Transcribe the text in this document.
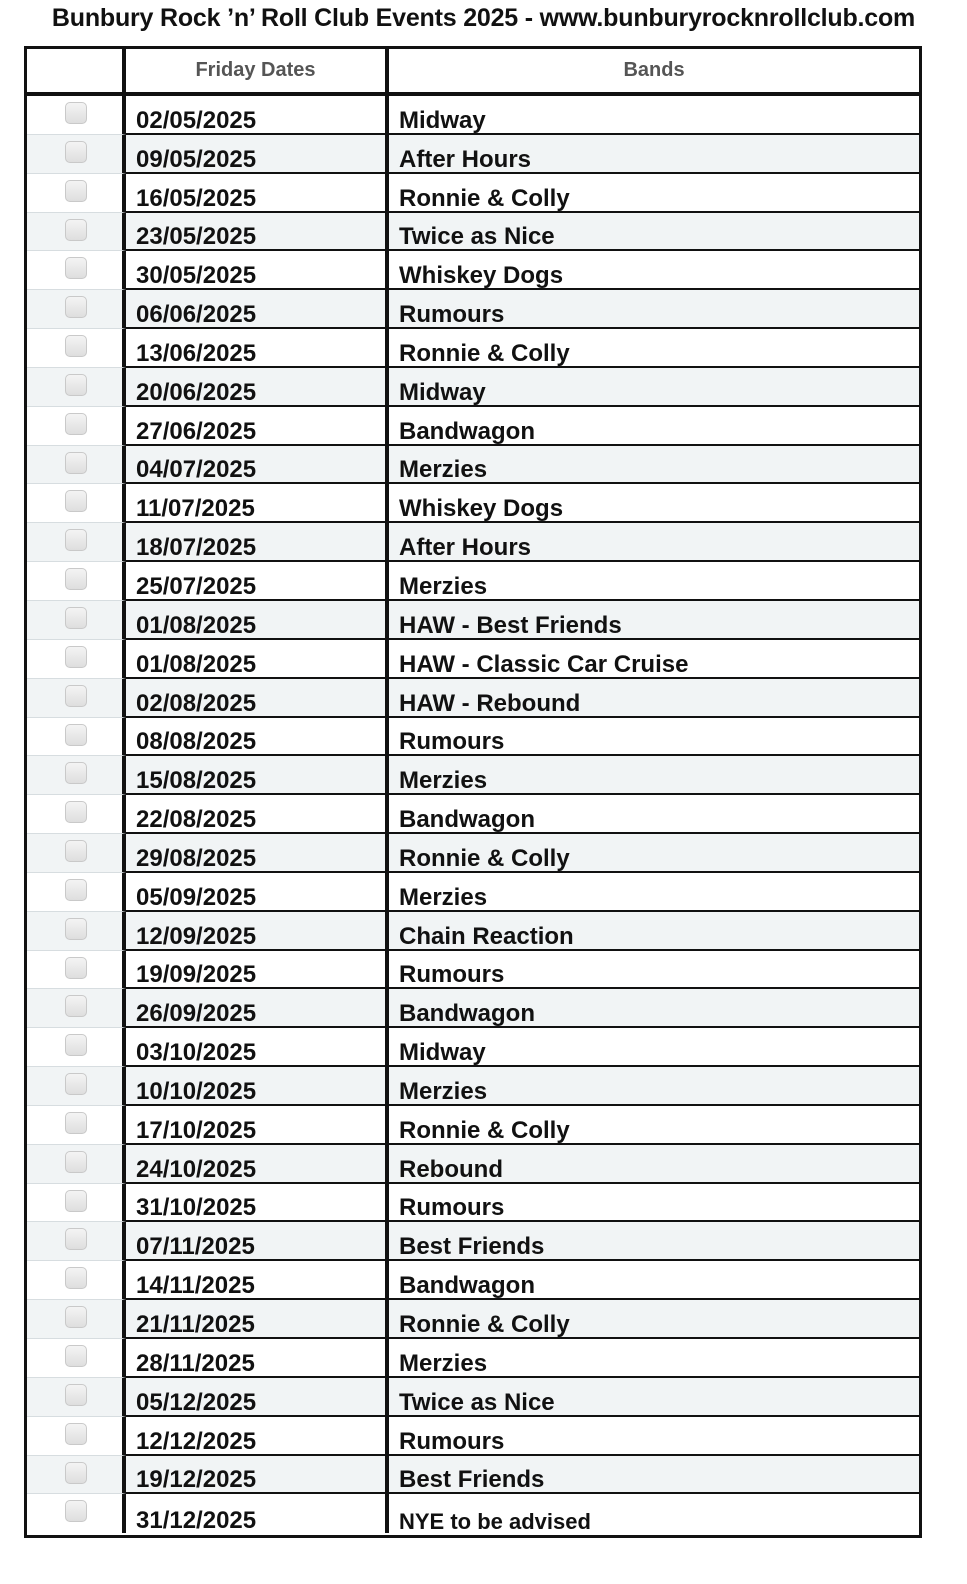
Bunbury Rock ’n’ Roll Club Events 2025 - www.bunburyrocknrollclub.com
Friday Dates	Bands
02/05/2025	Midway
09/05/2025	After Hours
16/05/2025	Ronnie & Colly
23/05/2025	Twice as Nice
30/05/2025	Whiskey Dogs
06/06/2025	Rumours
13/06/2025	Ronnie & Colly
20/06/2025	Midway
27/06/2025	Bandwagon
04/07/2025	Merzies
11/07/2025	Whiskey Dogs
18/07/2025	After Hours
25/07/2025	Merzies
01/08/2025	HAW - Best Friends
01/08/2025	HAW - Classic Car Cruise
02/08/2025	HAW - Rebound
08/08/2025	Rumours
15/08/2025	Merzies
22/08/2025	Bandwagon
29/08/2025	Ronnie & Colly
05/09/2025	Merzies
12/09/2025	Chain Reaction
19/09/2025	Rumours
26/09/2025	Bandwagon
03/10/2025	Midway
10/10/2025	Merzies
17/10/2025	Ronnie & Colly
24/10/2025	Rebound
31/10/2025	Rumours
07/11/2025	Best Friends
14/11/2025	Bandwagon
21/11/2025	Ronnie & Colly
28/11/2025	Merzies
05/12/2025	Twice as Nice
12/12/2025	Rumours
19/12/2025	Best Friends
31/12/2025	NYE to be advised
